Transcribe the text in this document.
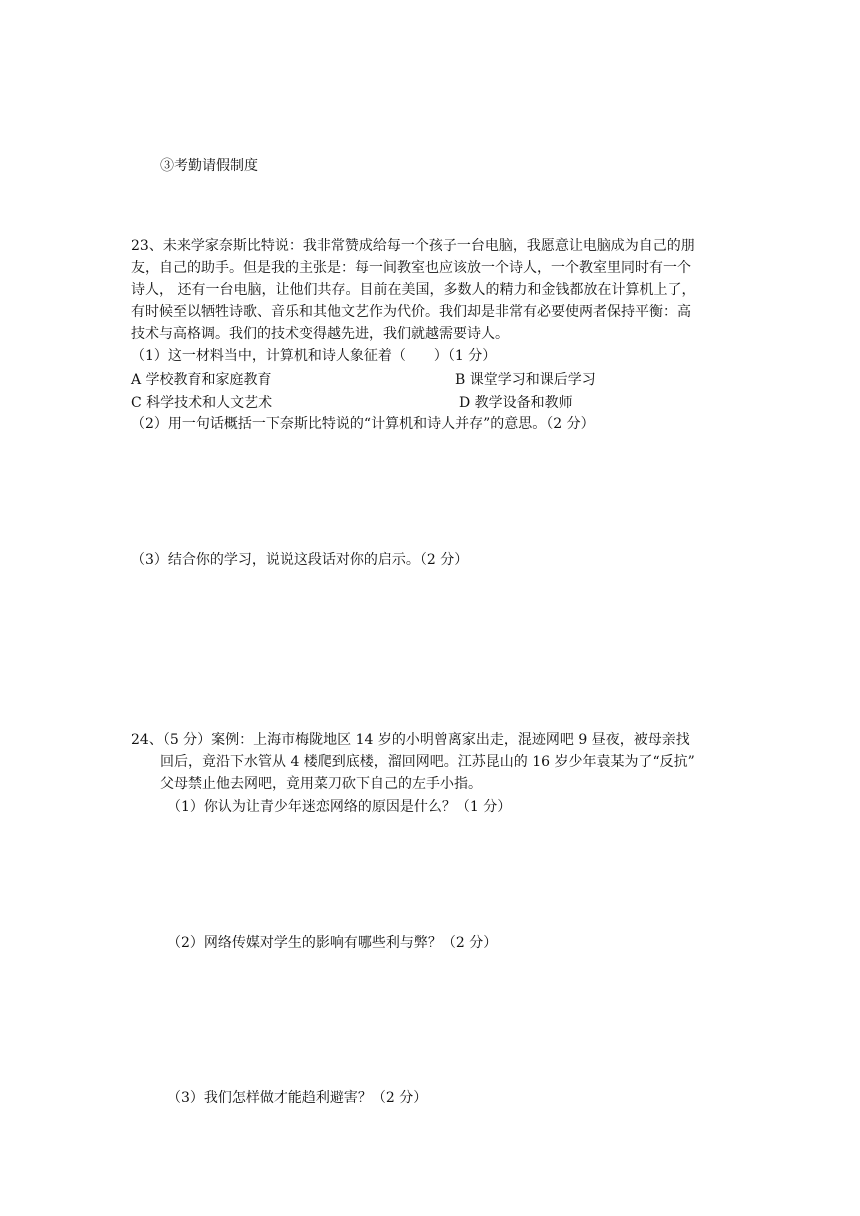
③考勤请假制度
23、未来学家奈斯比特说：我非常赞成给每一个孩子一台电脑，我愿意让电脑成为自己的朋
友，自己的助手。但是我的主张是：每一间教室也应该放一个诗人，一个教室里同时有一个
诗人， 还有一台电脑，让他们共存。目前在美国，多数人的精力和金钱都放在计算机上了，
有时候至以牺牲诗歌、音乐和其他文艺作为代价。我们却是非常有必要使两者保持平衡：高
技术与高格调。我们的技术变得越先进，我们就越需要诗人。
（1）这一材料当中，计算机和诗人象征着（　　）（1 分）
A 学校教育和家庭教育	B 课堂学习和课后学习
C 科学技术和人文艺术	D 教学设备和教师
（2）用一句话概括一下奈斯比特说的“计算机和诗人并存”的意思。（2 分）
（3）结合你的学习，说说这段话对你的启示。（2 分）
24、（5 分）案例：上海市梅陇地区 14 岁的小明曾离家出走，混迹网吧 9 昼夜，被母亲找
回后，竟沿下水管从 4 楼爬到底楼，溜回网吧。江苏昆山的 16 岁少年袁某为了“反抗”
父母禁止他去网吧，竟用菜刀砍下自己的左手小指。
（1）你认为让青少年迷恋网络的原因是什么？（1 分）
（2）网络传媒对学生的影响有哪些利与弊？（2 分）
（3）我们怎样做才能趋利避害？（2 分）
